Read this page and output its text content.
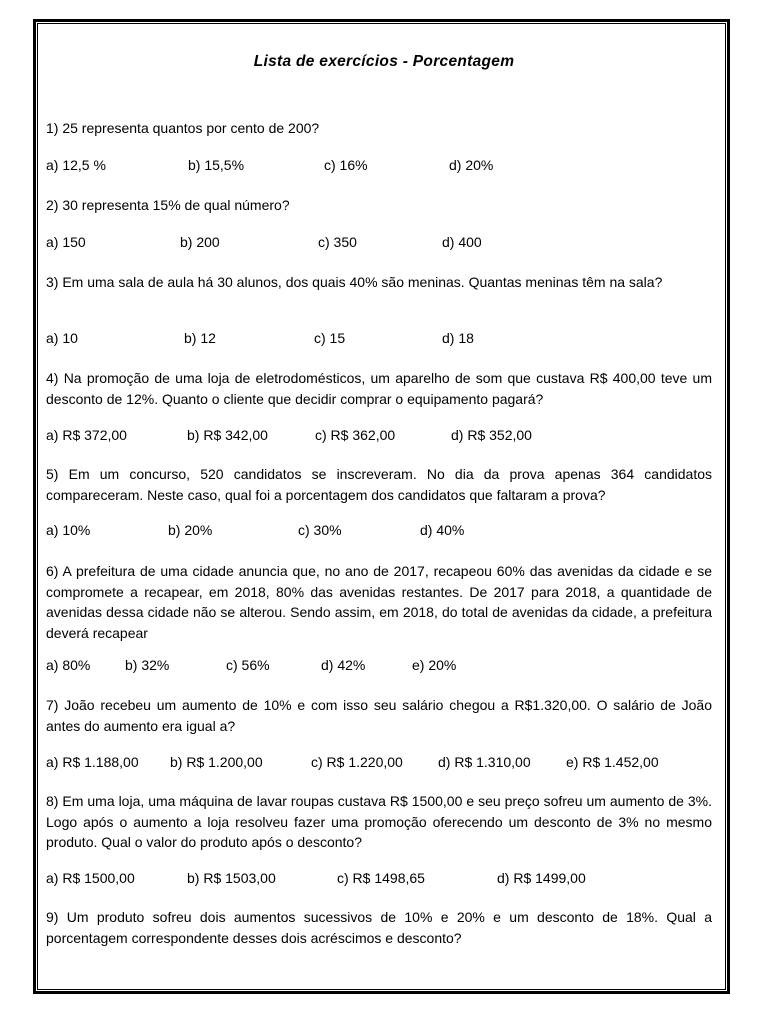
Lista de exercícios - Porcentagem
1) 25 representa quantos por cento de 200?
a) 12,5 %	b) 15,5%	c) 16%	d) 20%
2) 30 representa 15% de qual número?
a) 150	b) 200	c) 350	d) 400
3) Em uma sala de aula há 30 alunos, dos quais 40% são meninas. Quantas meninas têm na sala?
a) 10	b) 12	c) 15	d) 18
4) Na promoção de uma loja de eletrodomésticos, um aparelho de som que custava R$ 400,00 teve um desconto de 12%. Quanto o cliente que decidir comprar o equipamento pagará?
a) R$ 372,00	b) R$ 342,00	c) R$ 362,00	d) R$ 352,00
5) Em um concurso, 520 candidatos se inscreveram. No dia da prova apenas 364 candidatos compareceram. Neste caso, qual foi a porcentagem dos candidatos que faltaram a prova?
a) 10%	b) 20%	c) 30%	d) 40%
6) A prefeitura de uma cidade anuncia que, no ano de 2017, recapeou 60% das avenidas da cidade e se compromete a recapear, em 2018, 80% das avenidas restantes. De 2017 para 2018, a quantidade de avenidas dessa cidade não se alterou. Sendo assim, em 2018, do total de avenidas da cidade, a prefeitura deverá recapear
a) 80% b) 32%	c) 56%	d) 42%	e) 20%
7) João recebeu um aumento de 10% e com isso seu salário chegou a R$1.320,00. O salário de João antes do aumento era igual a?
a) R$ 1.188,00 b) R$ 1.200,00	c) R$ 1.220,00	d) R$ 1.310,00	e) R$ 1.452,00
8) Em uma loja, uma máquina de lavar roupas custava R$ 1500,00 e seu preço sofreu um aumento de 3%. Logo após o aumento a loja resolveu fazer uma promoção oferecendo um desconto de 3% no mesmo produto. Qual o valor do produto após o desconto?
a) R$ 1500,00	b) R$ 1503,00	c) R$ 1498,65	d) R$ 1499,00
9) Um produto sofreu dois aumentos sucessivos de 10% e 20% e um desconto de 18%. Qual a porcentagem correspondente desses dois acréscimos e desconto?
